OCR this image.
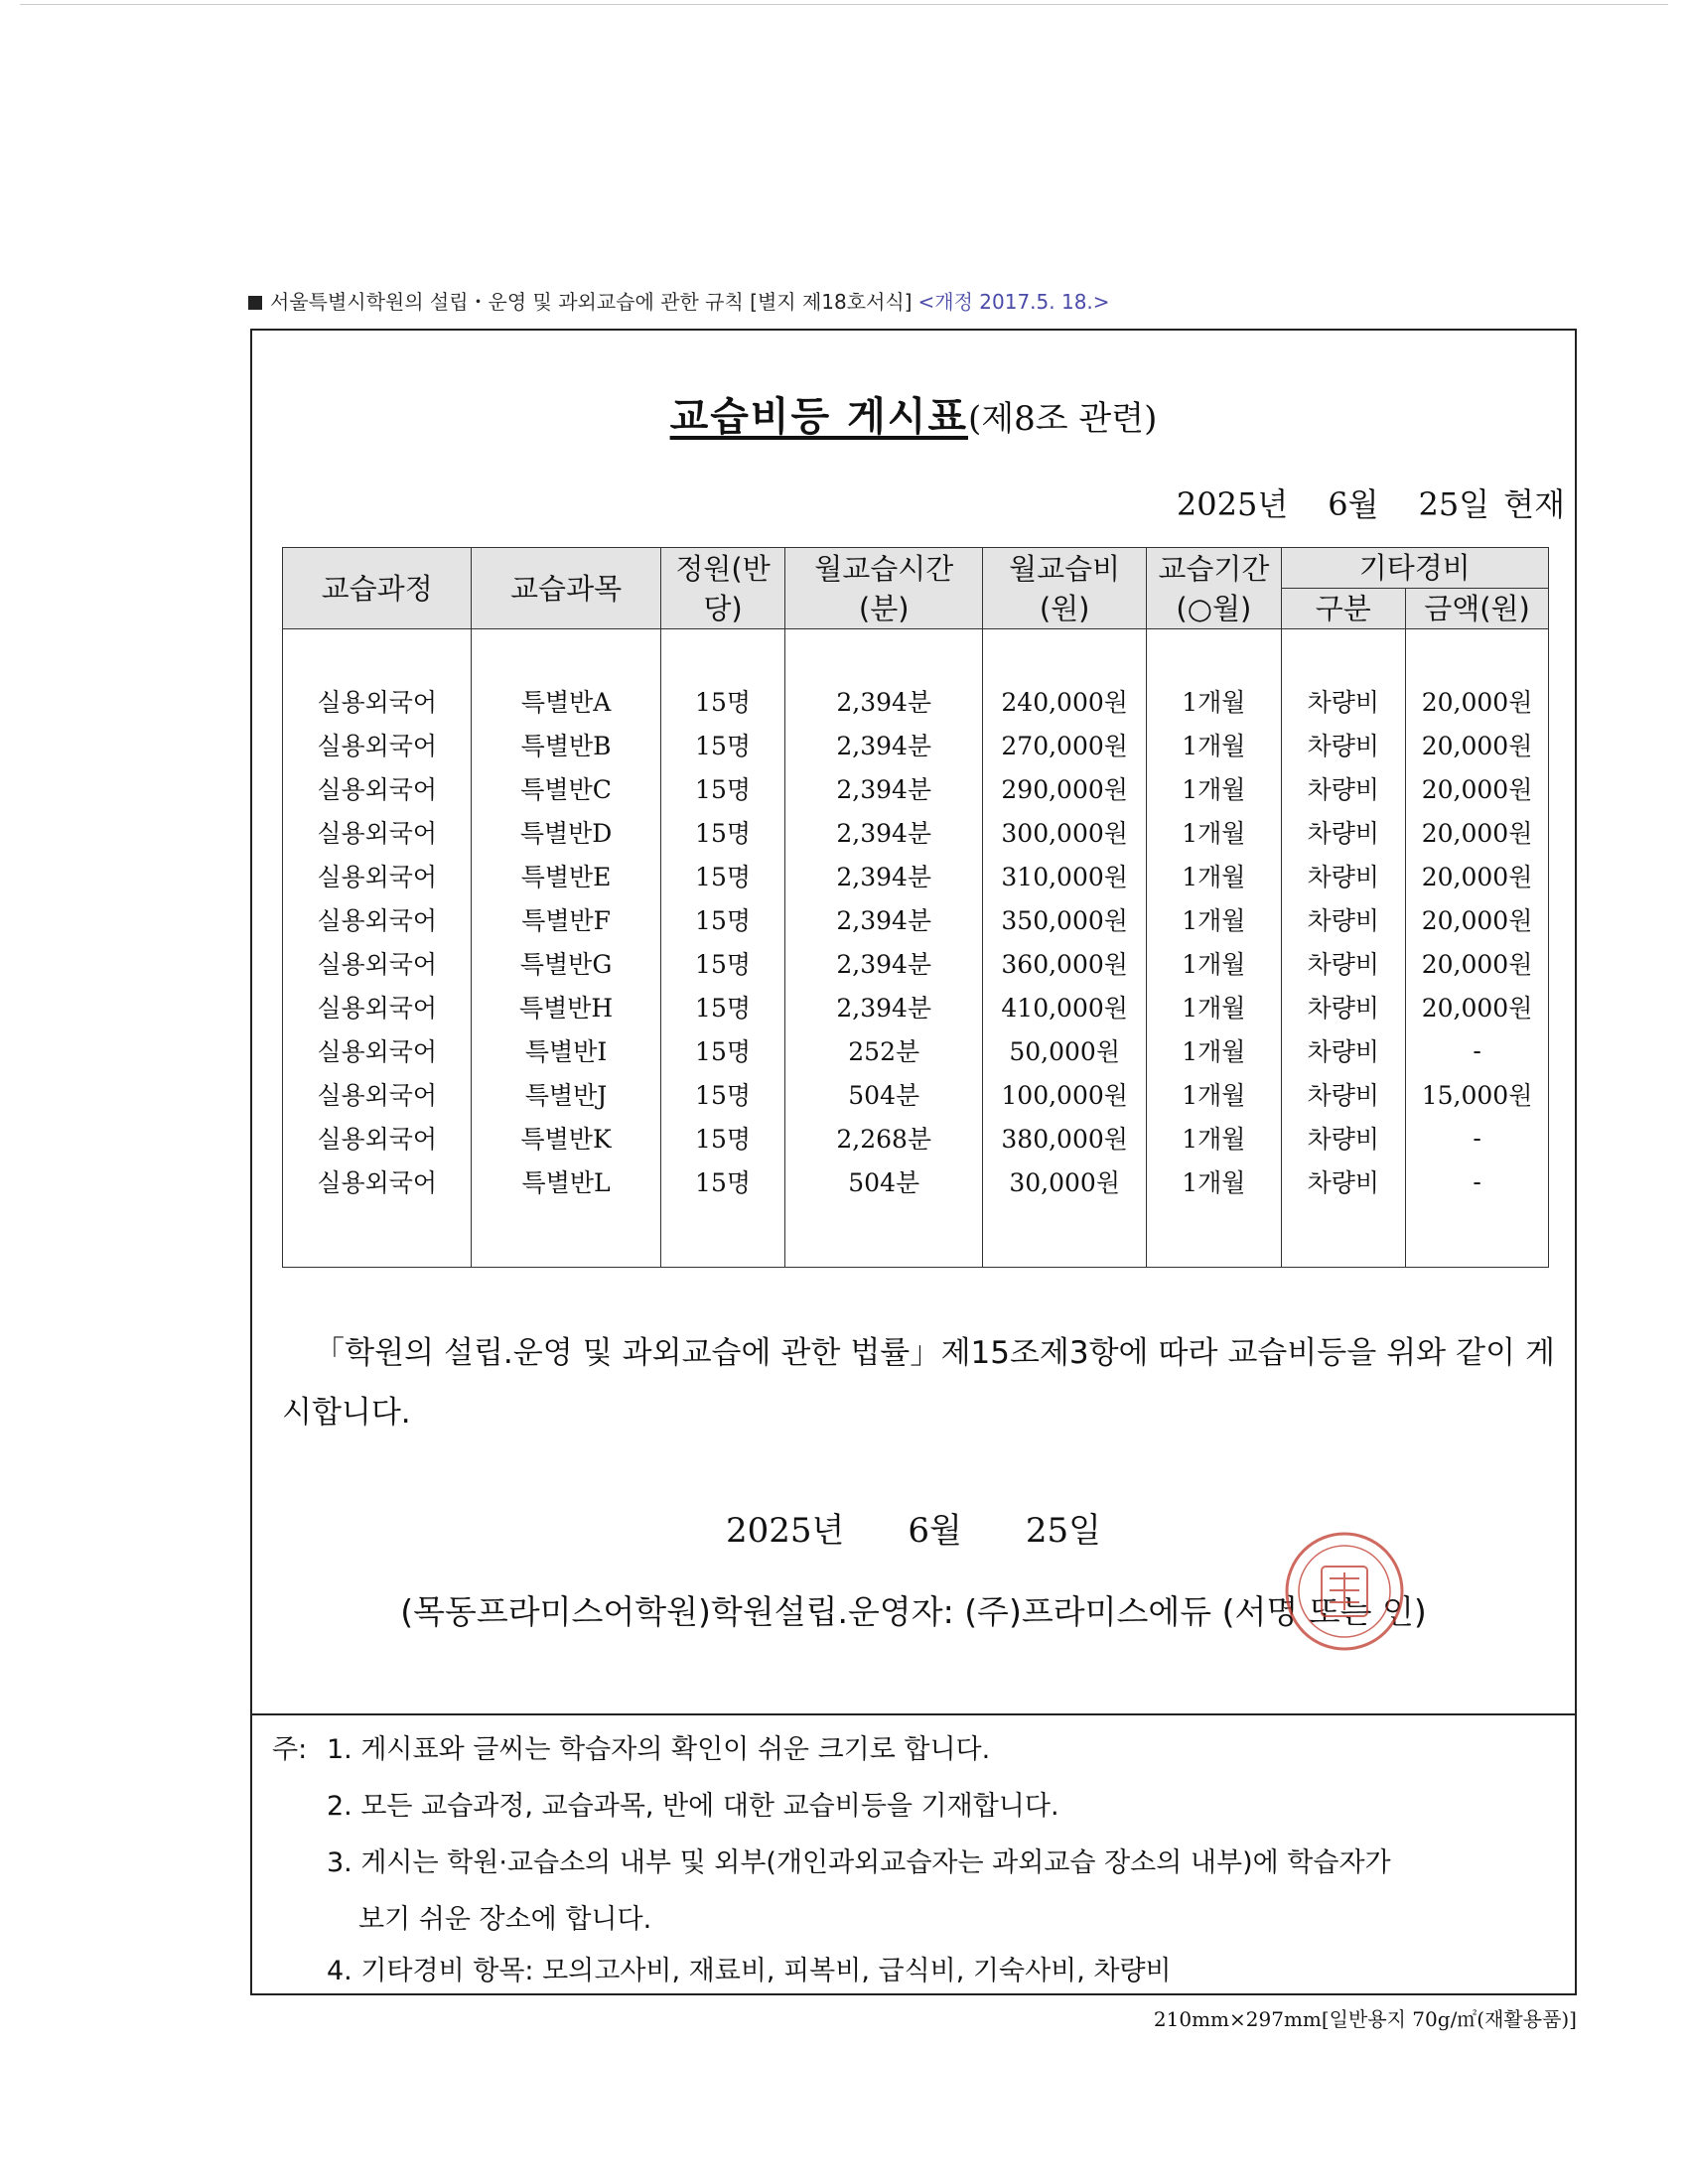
서울특별시학원의 설립・운영 및 과외교습에 관한 규칙 [별지 제18호서식] <개정 2017.5. 18.>
교습비등 게시표(제8조 관련)
2025년 6월 25일 현재
교습과정	교습과목	정원(반당)	월교습시간(분)	월교습비(원)	교습기간(○월)	기타경비	
						구분	금액(원)

실용외국어	특별반A	15명	2,394분	240,000원	1개월	차량비	20,000원
실용외국어	특별반B	15명	2,394분	270,000원	1개월	차량비	20,000원
실용외국어	특별반C	15명	2,394분	290,000원	1개월	차량비	20,000원
실용외국어	특별반D	15명	2,394분	300,000원	1개월	차량비	20,000원
실용외국어	특별반E	15명	2,394분	310,000원	1개월	차량비	20,000원
실용외국어	특별반F	15명	2,394분	350,000원	1개월	차량비	20,000원
실용외국어	특별반G	15명	2,394분	360,000원	1개월	차량비	20,000원
실용외국어	특별반H	15명	2,394분	410,000원	1개월	차량비	20,000원
실용외국어	특별반I	15명	252분	50,000원	1개월	차량비	-
실용외국어	특별반J	15명	504분	100,000원	1개월	차량비	15,000원
실용외국어	특별반K	15명	2,268분	380,000원	1개월	차량비	-
실용외국어	특별반L	15명	504분	30,000원	1개월	차량비	-

「학원의 설립.운영 및 과외교습에 관한 법률」제15조제3항에 따라 교습비등을 위와 같이 게시합니다.
2025년 6월 25일
(목동프라미스어학원)학원설립.운영자: (주)프라미스에듀 (서명 또는 인)
주: 1. 게시표와 글씨는 학습자의 확인이 쉬운 크기로 합니다.
2. 모든 교습과정, 교습과목, 반에 대한 교습비등을 기재합니다.
3. 게시는 학원·교습소의 내부 및 외부(개인과외교습자는 과외교습 장소의 내부)에 학습자가
보기 쉬운 장소에 합니다.
4. 기타경비 항목: 모의고사비, 재료비, 피복비, 급식비, 기숙사비, 차량비
210mm×297mm[일반용지 70g/㎡(재활용품)]
